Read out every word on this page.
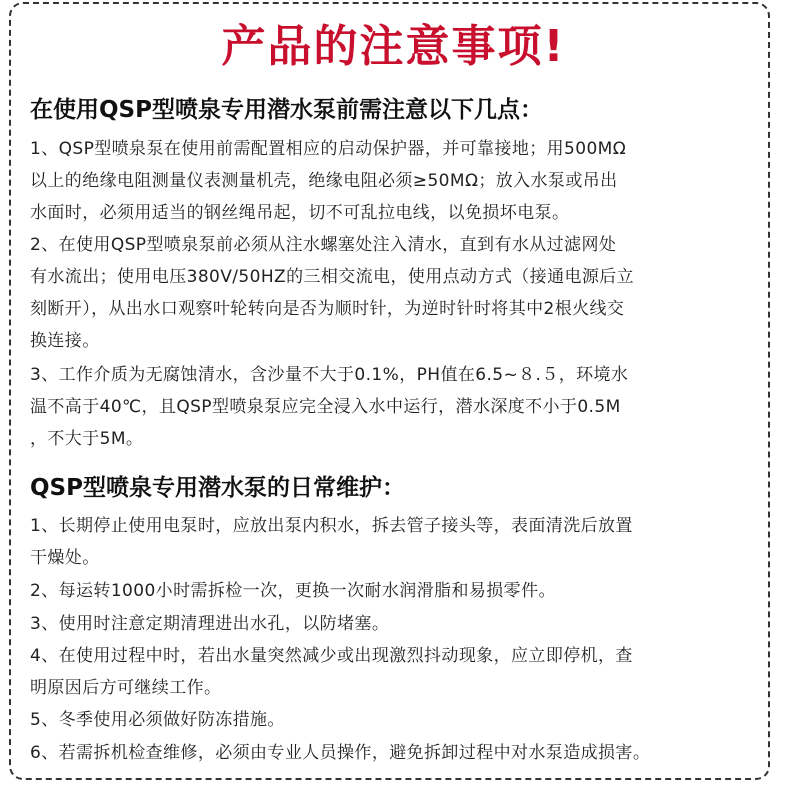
产品的注意事项!
在使用QSP型喷泉专用潜水泵前需注意以下几点：
1、QSP型喷泉泵在使用前需配置相应的启动保护器，并可靠接地；用500MΩ
以上的绝缘电阻测量仪表测量机壳，绝缘电阻必须≥50MΩ；放入水泵或吊出
水面时，必须用适当的钢丝绳吊起，切不可乱拉电线，以免损坏电泵。
2、在使用QSP型喷泉泵前必须从注水螺塞处注入清水，直到有水从过滤网处
有水流出；使用电压380V/50HZ的三相交流电，使用点动方式（接通电源后立
刻断开），从出水口观察叶轮转向是否为顺时针，为逆时针时将其中2根火线交
换连接。
3、工作介质为无腐蚀清水，含沙量不大于0.1%，PH值在6.5~８.５，环境水
温不高于40℃，且QSP型喷泉泵应完全浸入水中运行，潜水深度不小于0.5M
，不大于5M。
QSP型喷泉专用潜水泵的日常维护：
1、长期停止使用电泵时，应放出泵内积水，拆去管子接头等，表面清洗后放置
干燥处。
2、每运转1000小时需拆检一次，更换一次耐水润滑脂和易损零件。
3、使用时注意定期清理进出水孔，以防堵塞。
4、在使用过程中时，若出水量突然减少或出现激烈抖动现象，应立即停机，查
明原因后方可继续工作。
5、冬季使用必须做好防冻措施。
6、若需拆机检查维修，必须由专业人员操作，避免拆卸过程中对水泵造成损害。
